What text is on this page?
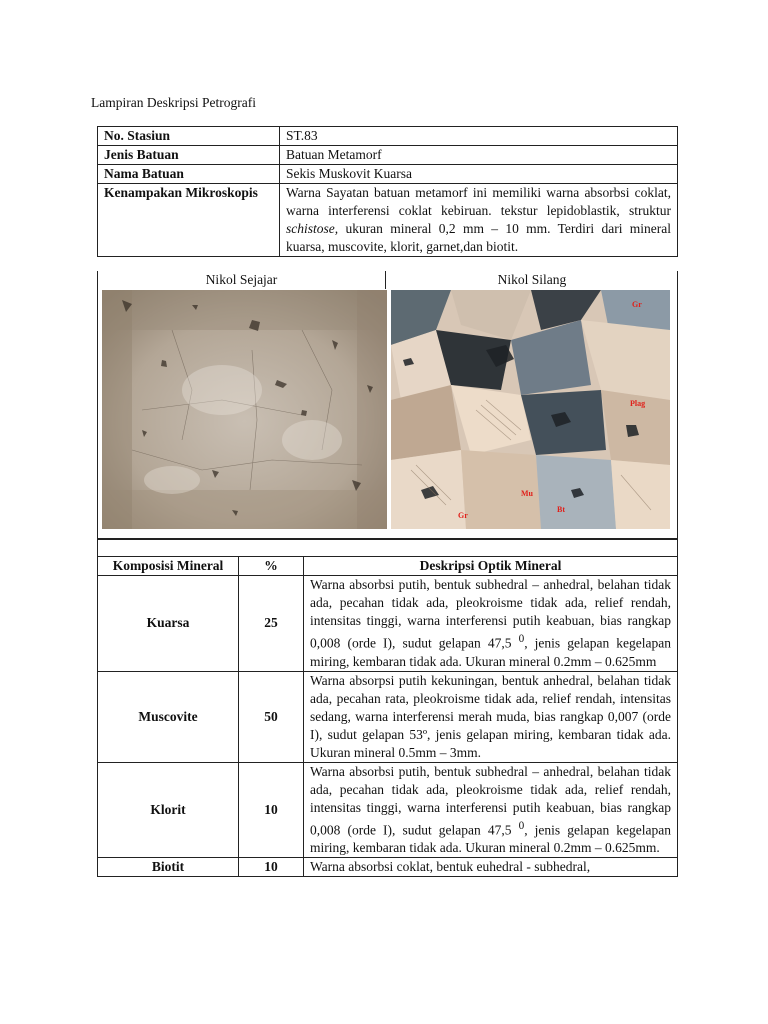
Lampiran Deskripsi Petrografi
No. Stasiun	ST.83
Jenis Batuan	Batuan Metamorf
Nama Batuan	Sekis Muskovit Kuarsa
Kenampakan Mikroskopis	Warna Sayatan batuan metamorf ini memiliki warna absorbsi coklat, warna interferensi coklat kebiruan. tekstur lepidoblastik, struktur schistose, ukuran mineral 0,2 mm – 10 mm. Terdiri dari mineral kuarsa, muscovite, klorit, garnet,dan biotit.
Nikol Sejajar	Nikol Silang
Gr
Plag
Mu
Gr
Bt
Komposisi Mineral	%	Deskripsi Optik Mineral
Kuarsa	25	Warna absorbsi putih, bentuk subhedral – anhedral, belahan tidak ada, pecahan tidak ada, pleokroisme tidak ada, relief rendah, intensitas tinggi, warna interferensi putih keabuan, bias rangkap 0,008 (orde I), sudut gelapan 47,5 $^0$, jenis gelapan kegelapan miring, kembaran tidak ada. Ukuran mineral 0.2mm – 0.625mm
Muscovite	50	Warna absorpsi putih kekuningan, bentuk anhedral, belahan tidak ada, pecahan rata, pleokroisme tidak ada, relief rendah, intensitas sedang, warna interferensi merah muda, bias rangkap 0,007 (orde I), sudut gelapan 53º, jenis gelapan miring, kembaran tidak ada. Ukuran mineral 0.5mm – 3mm.
Klorit	10	Warna absorbsi putih, bentuk subhedral – anhedral, belahan tidak ada, pecahan tidak ada, pleokroisme tidak ada, relief rendah, intensitas tinggi, warna interferensi putih keabuan, bias rangkap 0,008 (orde I), sudut gelapan 47,5 $^0$, jenis gelapan kegelapan miring, kembaran tidak ada. Ukuran mineral 0.2mm – 0.625mm.
Biotit	10	Warna absorbsi coklat, bentuk euhedral - subhedral,
